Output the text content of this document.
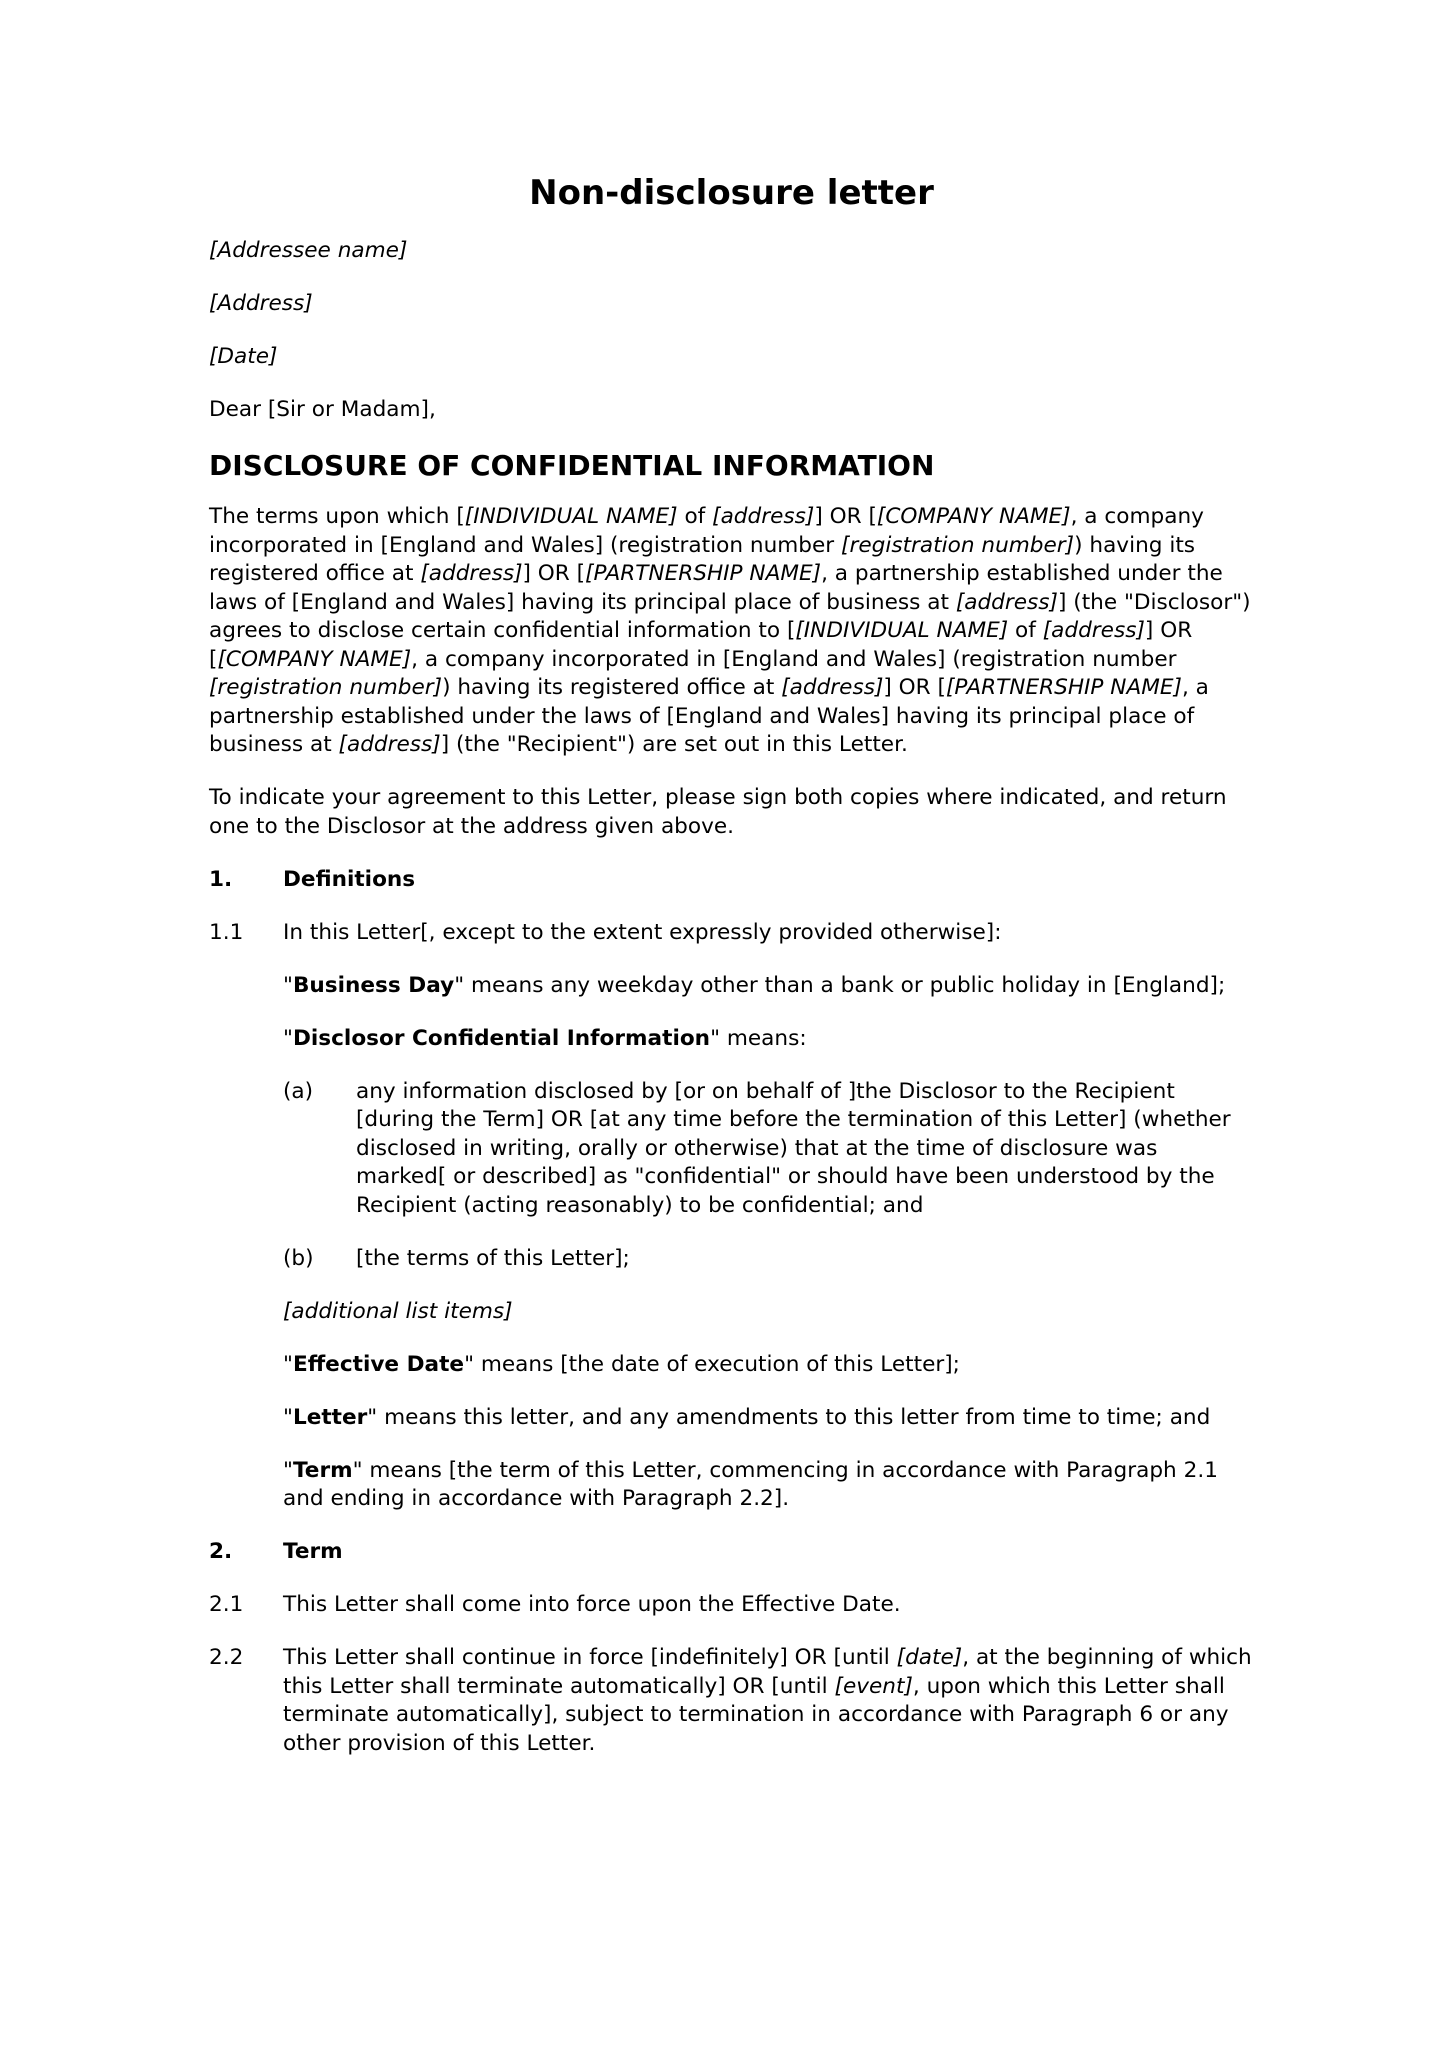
Non-disclosure letter

[Addressee name]

[Address]

[Date]

Dear [Sir or Madam],

DISCLOSURE OF CONFIDENTIAL INFORMATION

The terms upon which [[INDIVIDUAL NAME] of [address]] OR [[COMPANY NAME], a company incorporated in [England and Wales] (registration number [registration number]) having its registered office at [address]] OR [[PARTNERSHIP NAME], a partnership established under the laws of [England and Wales] having its principal place of business at [address]] (the "Disclosor") agrees to disclose certain confidential information to [[INDIVIDUAL NAME] of [address]] OR [[COMPANY NAME], a company incorporated in [England and Wales] (registration number [registration number]) having its registered office at [address]] OR [[PARTNERSHIP NAME], a partnership established under the laws of [England and Wales] having its principal place of business at [address]] (the "Recipient") are set out in this Letter.

To indicate your agreement to this Letter, please sign both copies where indicated, and return one to the Disclosor at the address given above.

1.	Definitions

1.1	In this Letter[, except to the extent expressly provided otherwise]:

"Business Day" means any weekday other than a bank or public holiday in [England];

"Disclosor Confidential Information" means:

(a)	any information disclosed by [or on behalf of ]the Disclosor to the Recipient [during the Term] OR [at any time before the termination of this Letter] (whether disclosed in writing, orally or otherwise) that at the time of disclosure was marked[ or described] as "confidential" or should have been understood by the Recipient (acting reasonably) to be confidential; and

(b)	[the terms of this Letter];

[additional list items]

"Effective Date" means [the date of execution of this Letter];

"Letter" means this letter, and any amendments to this letter from time to time; and

"Term" means [the term of this Letter, commencing in accordance with Paragraph 2.1 and ending in accordance with Paragraph 2.2].

2.	Term

2.1	This Letter shall come into force upon the Effective Date.

2.2	This Letter shall continue in force [indefinitely] OR [until [date], at the beginning of which this Letter shall terminate automatically] OR [until [event], upon which this Letter shall terminate automatically], subject to termination in accordance with Paragraph 6 or any other provision of this Letter.
